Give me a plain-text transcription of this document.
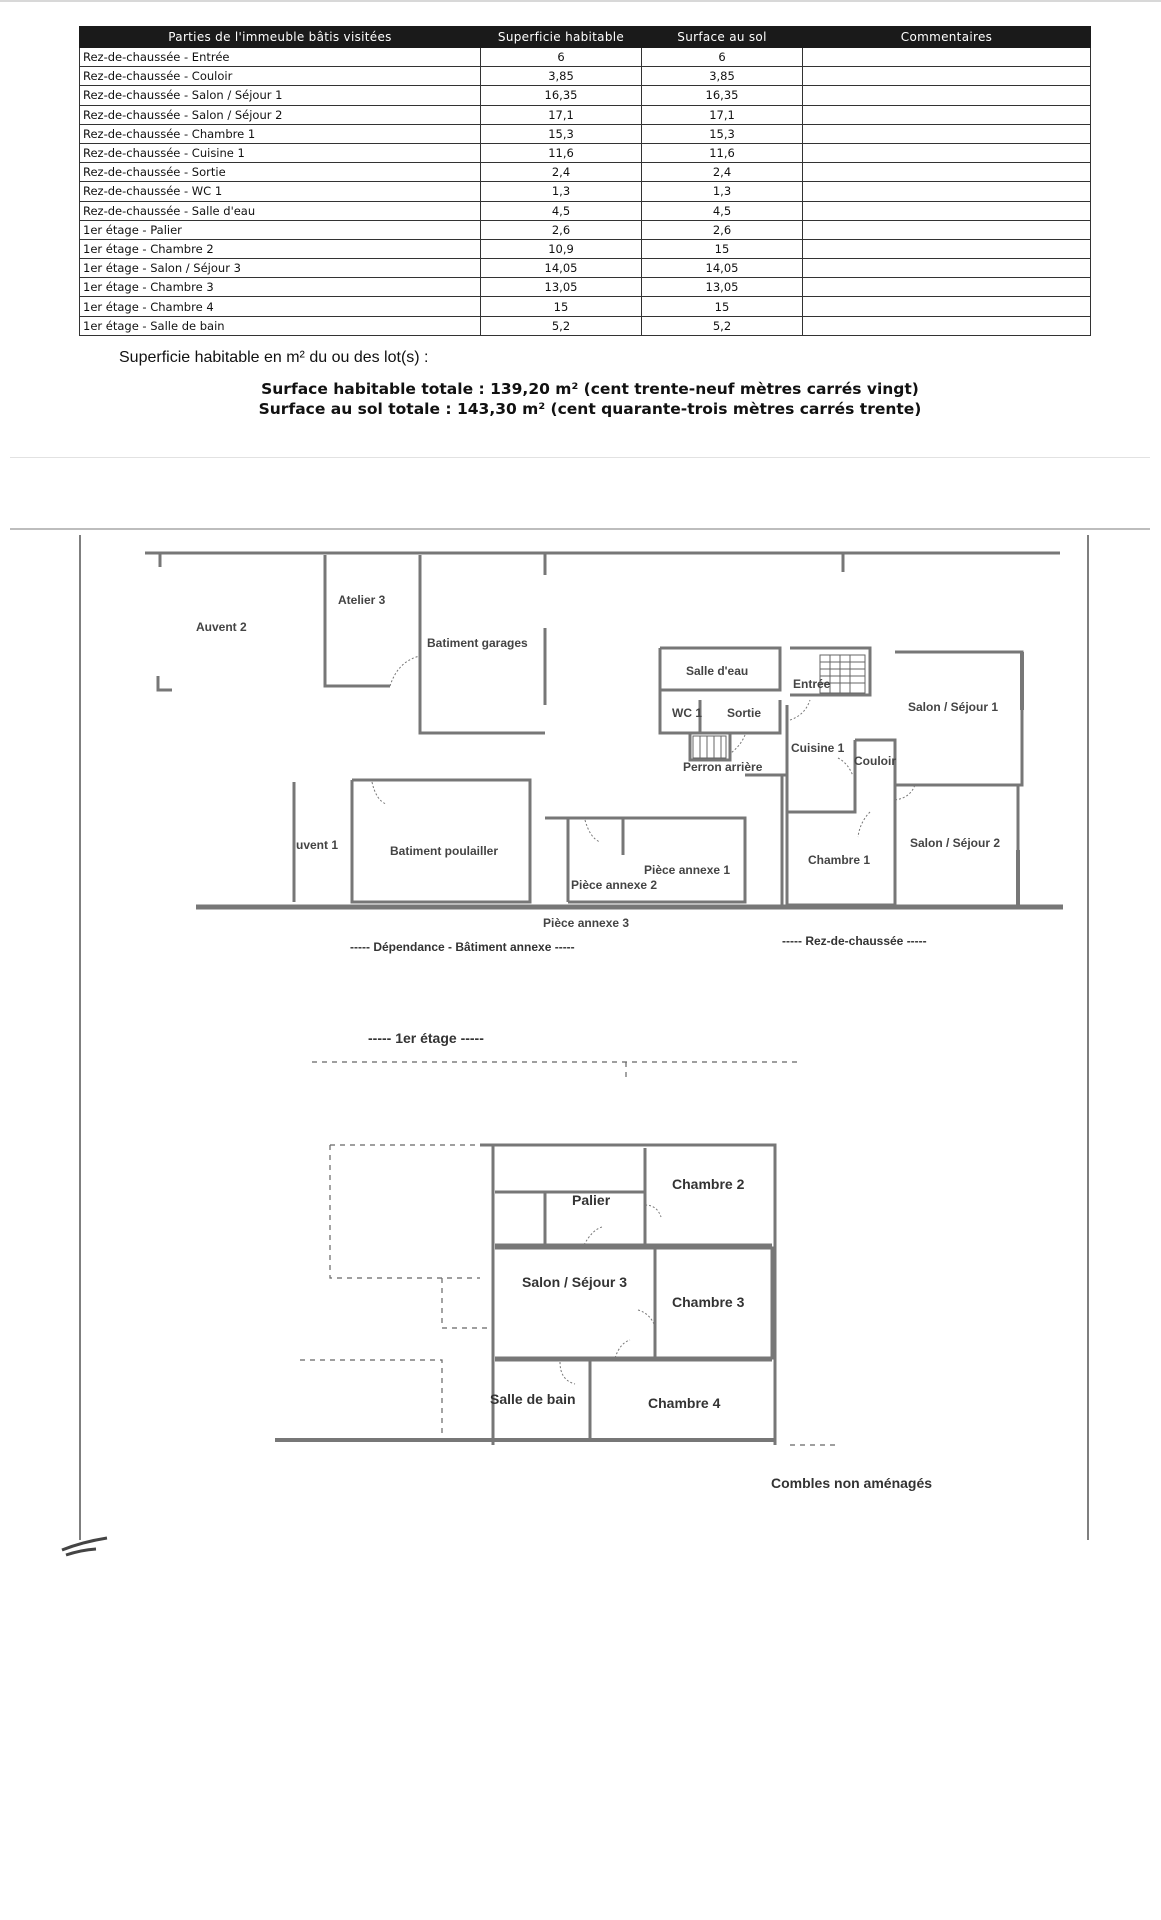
Parties de l'immeuble bâtis visitées	Superficie habitable	Surface au sol	Commentaires
Rez-de-chaussée - Entrée	6	6	
Rez-de-chaussée - Couloir	3,85	3,85	
Rez-de-chaussée - Salon / Séjour 1	16,35	16,35	
Rez-de-chaussée - Salon / Séjour 2	17,1	17,1	
Rez-de-chaussée - Chambre 1	15,3	15,3	
Rez-de-chaussée - Cuisine 1	11,6	11,6	
Rez-de-chaussée - Sortie	2,4	2,4	
Rez-de-chaussée - WC 1	1,3	1,3	
Rez-de-chaussée - Salle d'eau	4,5	4,5	
1er étage - Palier	2,6	2,6	
1er étage - Chambre 2	10,9	15	
1er étage - Salon / Séjour 3	14,05	14,05	
1er étage - Chambre 3	13,05	13,05	
1er étage - Chambre 4	15	15	
1er étage - Salle de bain	5,2	5,2	
Superficie habitable en m² du ou des lot(s) :
Surface habitable totale : 139,20 m² (cent trente-neuf mètres carrés vingt)
Surface au sol totale : 143,30 m² (cent quarante-trois mètres carrés trente)
Auvent 2
Atelier 3
Batiment garages
Salle d'eau
Entrée
WC 1 Sortie
Perron arrière
Cuisine 1
Couloir
Salon / Séjour 1
Salon / Séjour 2
Chambre 1
uvent 1	Batiment poulailler
Pièce annexe 1
Pièce annexe 2
Pièce annexe 3
----- Dépendance - Bâtiment annexe -----	----- Rez-de-chaussée -----
----- 1er étage -----
Palier
Chambre 2
Salon / Séjour 3
Chambre 3
Salle de bain	Chambre 4
Combles non aménagés
